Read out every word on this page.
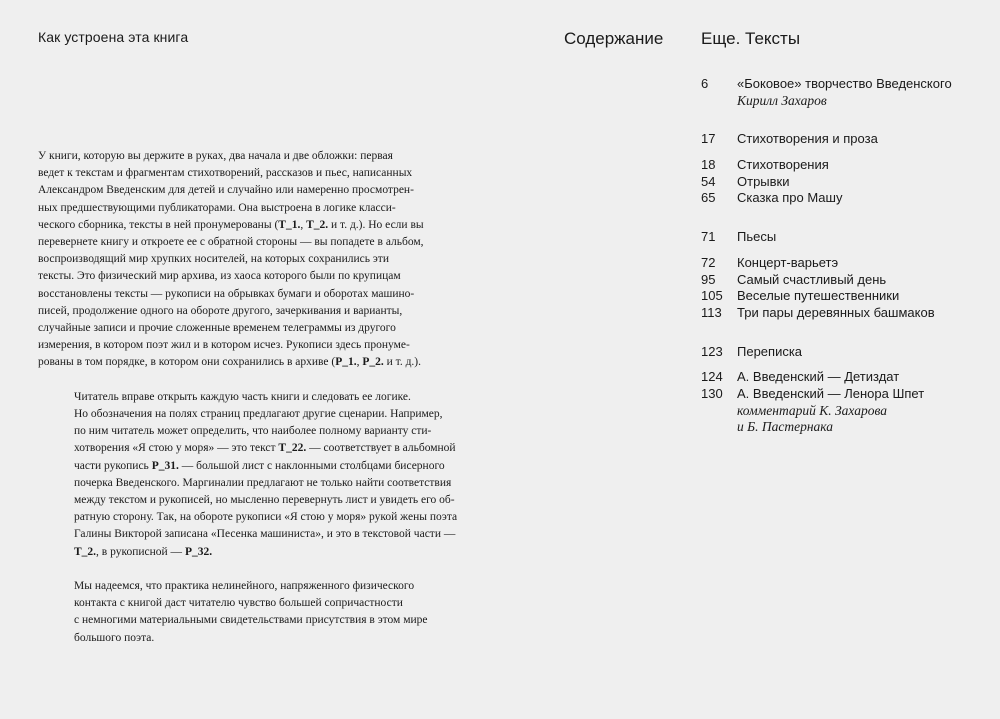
Как устроена эта книга

У книги, которую вы держите в руках, два начала и две обложки: первая

ведет к текстам и фрагментам стихотворений, рассказов и пьес, написанных

Александром Введенским для детей и случайно или намеренно просмотрен-

ных предшествующими публикаторами. Она выстроена в логике класси-

ческого сборника, тексты в ней пронумерованы (Т_1., Т_2. и т. д.). Но если вы

перевернете книгу и откроете ее с обратной стороны — вы попадете в альбом,

воспроизводящий мир хрупких носителей, на которых сохранились эти

тексты. Это физический мир архива, из хаоса которого были по крупицам

восстановлены тексты — рукописи на обрывках бумаги и оборотах машино-

писей, продолжение одного на обороте другого, зачеркивания и варианты,

случайные записи и прочие сложенные временем телеграммы из другого

измерения, в котором поэт жил и в котором исчез. Рукописи здесь пронуме-

рованы в том порядке, в котором они сохранились в архиве (Р_1., Р_2. и т. д.).

Читатель вправе открыть каждую часть книги и следовать ее логике.

Но обозначения на полях страниц предлагают другие сценарии. Например,

по ним читатель может определить, что наиболее полному варианту сти-

хотворения «Я стою у моря» — это текст Т_22. — соответствует в альбомной

части рукопись Р_31. — большой лист с наклонными столбцами бисерного

почерка Введенского. Маргиналии предлагают не только найти соответствия

между текстом и рукописей, но мысленно перевернуть лист и увидеть его об-

ратную сторону. Так, на обороте рукописи «Я стою у моря» рукой жены поэта

Галины Викторой записана «Песенка машиниста», и это в текстовой части —

Т_2., в рукописной — Р_32.

Мы надеемся, что практика нелинейного, напряженного физического

контакта с книгой даст читателю чувство большей сопричастности

с немногими материальными свидетельствами присутствия в этом мире

большого поэта.

Содержание Еще. Тексты
6 «Боковое» творчество Введенского
Кирилл Захаров
17 Стихотворения и проза
18 Стихотворения
54 Отрывки
65 Сказка про Машу
71 Пьесы
72 Концерт-варьетэ
95 Самый счастливый день
105 Веселые путешественники
113 Три пары деревянных башмаков
123 Переписка
124 А. Введенский — Детиздат
130 А. Введенский — Ленора Шпет
комментарий К. Захарова
и Б. Пастернака
